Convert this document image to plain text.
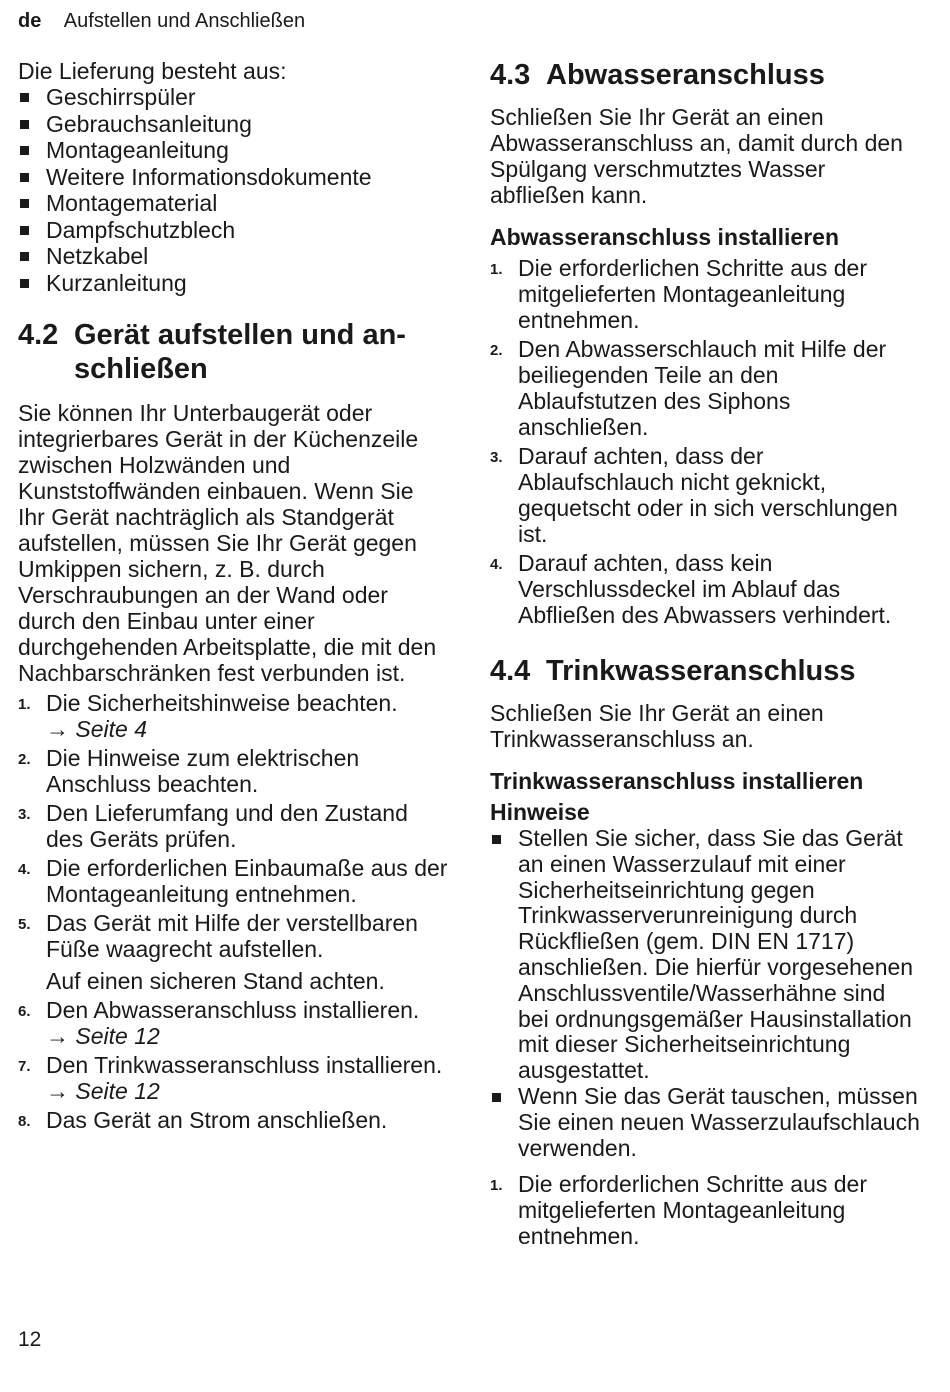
de Aufstellen und Anschließen

Die Lieferung besteht aus:

Geschirrspüler
Gebrauchsanleitung
Montageanleitung
Weitere Informationsdokumente
Montagematerial
Dampfschutzblech
Netzkabel
Kurzanleitung
4.2 Gerät aufstellen und an-
schließen

Sie können Ihr Unterbaugerät oder integrierbares Gerät in der Küchenzeile zwischen Holzwänden und Kunststoffwänden einbauen. Wenn Sie Ihr Gerät nachträglich als Standgerät aufstellen, müssen Sie Ihr Gerät gegen Umkippen sichern, z. B. durch Verschraubungen an der Wand oder durch den Einbau unter einer durchgehenden Arbeitsplatte, die mit den Nachbarschränken fest verbunden ist.

1. Die Sicherheitshinweise beachten.
→ Seite 4
2. Die Hinweise zum elektrischen Anschluss beachten.
3. Den Lieferumfang und den Zustand des Geräts prüfen.
4. Die erforderlichen Einbaumaße aus der Montageanleitung entnehmen.
5. Das Gerät mit Hilfe der verstellbaren Füße waagrecht aufstellen.
Auf einen sicheren Stand achten.
6. Den Abwasseranschluss installieren. → Seite 12
7. Den Trinkwasseranschluss installieren. → Seite 12
8. Das Gerät an Strom anschließen.
4.3 Abwasseranschluss

Schließen Sie Ihr Gerät an einen Abwasseranschluss an, damit durch den Spülgang verschmutztes Wasser abfließen kann.

Abwasseranschluss installieren
1. Die erforderlichen Schritte aus der mitgelieferten Montageanleitung entnehmen.
2. Den Abwasserschlauch mit Hilfe der beiliegenden Teile an den Ablaufstutzen des Siphons anschließen.
3. Darauf achten, dass der Ablaufschlauch nicht geknickt, gequetscht oder in sich verschlungen ist.
4. Darauf achten, dass kein Verschlussdeckel im Ablauf das Abfließen des Abwassers verhindert.
4.4 Trinkwasseranschluss

Schließen Sie Ihr Gerät an einen Trinkwasseranschluss an.

Trinkwasseranschluss installieren
Hinweise
Stellen Sie sicher, dass Sie das Gerät an einen Wasserzulauf mit einer Sicherheitseinrichtung gegen Trinkwasserverunreinigung durch Rückfließen (gem. DIN EN 1717) anschließen. Die hierfür vorgesehenen Anschlussventile/Wasserhähne sind bei ordnungsgemäßer Hausinstallation mit dieser Sicherheitseinrichtung ausgestattet.
Wenn Sie das Gerät tauschen, müssen Sie einen neuen Wasserzulaufschlauch verwenden.
1. Die erforderlichen Schritte aus der mitgelieferten Montageanleitung entnehmen.
12
